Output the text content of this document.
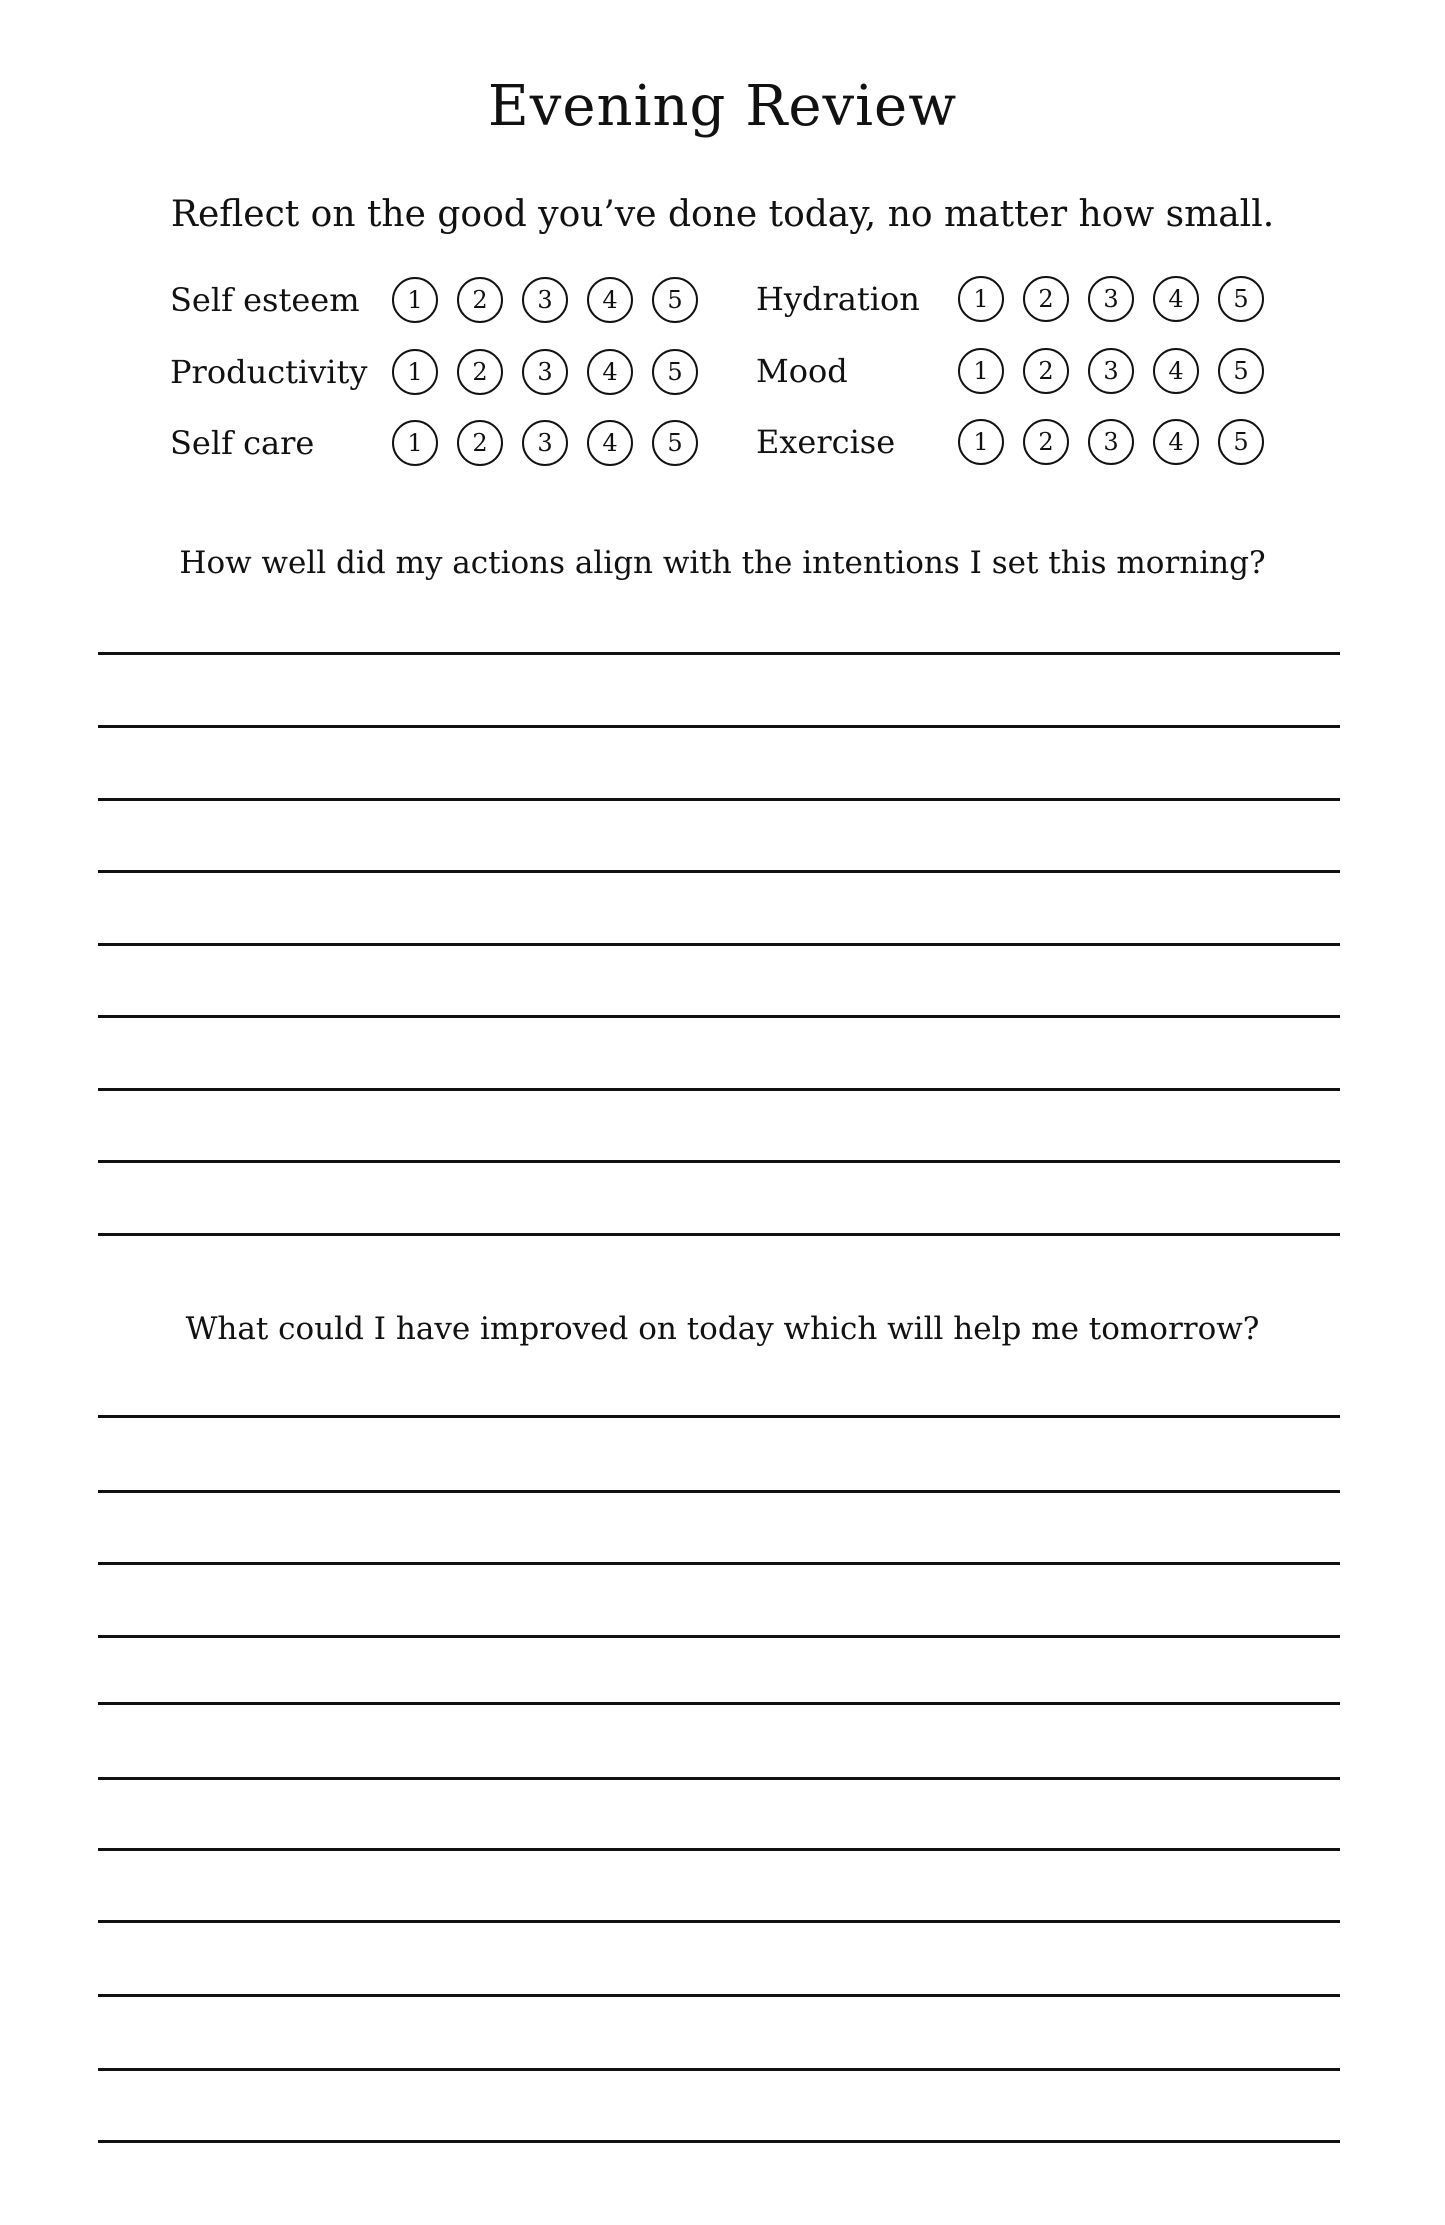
Evening Review
Reflect on the good you’ve done today, no matter how small.
Self esteem	1	2	3	4	5
Productivity	1	2	3	4	5
Self care	1	2	3	4	5
Hydration	1	2	3	4	5
Mood	1	2	3	4	5
Exercise	1	2	3	4	5
How well did my actions align with the intentions I set this morning?
What could I have improved on today which will help me tomorrow?
